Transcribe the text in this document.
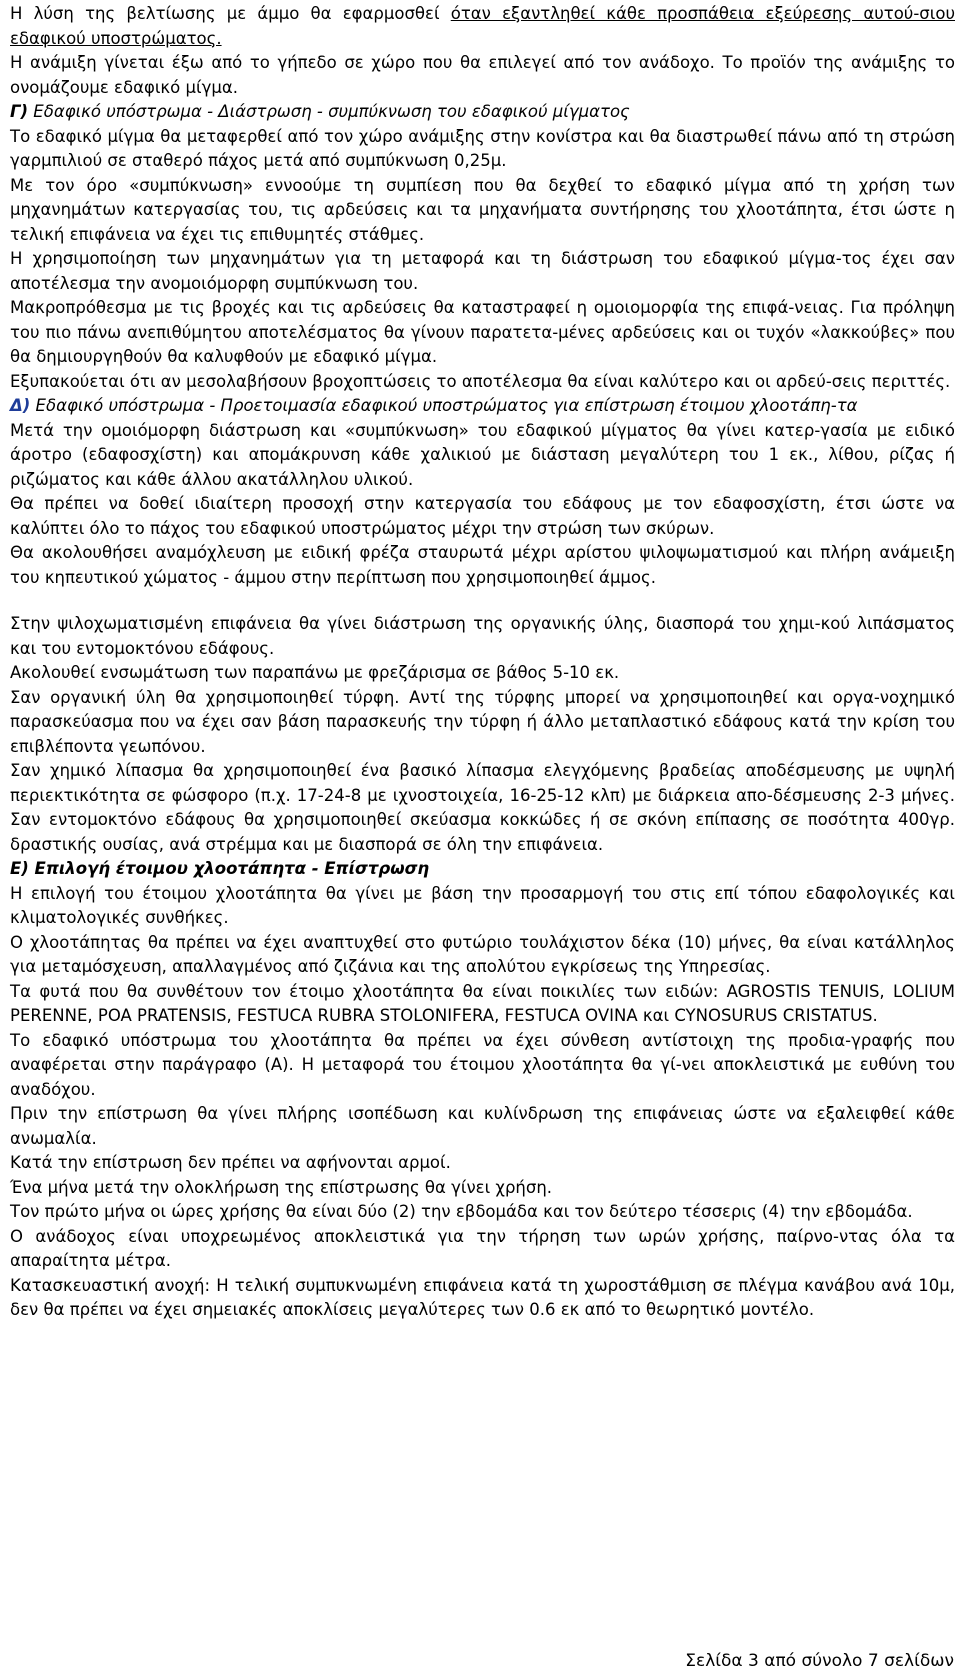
Η λύση της βελτίωσης με άμμο θα εφαρμοσθεί όταν εξαντληθεί κάθε προσπάθεια εξεύρεσης αυτού-σιου εδαφικού υποστρώματος.

Η ανάμιξη γίνεται έξω από το γήπεδο σε χώρο που θα επιλεγεί από τον ανάδοχο. Το προϊόν της ανάμιξης το ονομάζουμε εδαφικό μίγμα.

Γ) Εδαφικό υπόστρωμα - Διάστρωση - συμπύκνωση του εδαφικού μίγματος

Το εδαφικό μίγμα θα μεταφερθεί από τον χώρο ανάμιξης στην κονίστρα και θα διαστρωθεί πάνω από τη στρώση γαρμπιλιού σε σταθερό πάχος μετά από συμπύκνωση 0,25μ.

Με τον όρο «συμπύκνωση» εννοούμε τη συμπίεση που θα δεχθεί το εδαφικό μίγμα από τη χρήση των μηχανημάτων κατεργασίας του, τις αρδεύσεις και τα μηχανήματα συντήρησης του χλοοτάπητα, έτσι ώστε η τελική επιφάνεια να έχει τις επιθυμητές στάθμες.

Η χρησιμοποίηση των μηχανημάτων για τη μεταφορά και τη διάστρωση του εδαφικού μίγμα-τος έχει σαν αποτέλεσμα την ανομοιόμορφη συμπύκνωση του.

Μακροπρόθεσμα με τις βροχές και τις αρδεύσεις θα καταστραφεί η ομοιομορφία της επιφά-νειας. Για πρόληψη του πιο πάνω ανεπιθύμητου αποτελέσματος θα γίνουν παρατετα-μένες αρδεύσεις και οι τυχόν «λακκούβες» που θα δημιουργηθούν θα καλυφθούν με εδαφικό μίγμα.

Εξυπακούεται ότι αν μεσολαβήσουν βροχοπτώσεις το αποτέλεσμα θα είναι καλύτερο και οι αρδεύ-σεις περιττές.

Δ) Εδαφικό υπόστρωμα - Προετοιμασία εδαφικού υποστρώματος για επίστρωση έτοιμου χλοοτάπη-τα

Μετά την ομοιόμορφη διάστρωση και «συμπύκνωση» του εδαφικού μίγματος θα γίνει κατερ-γασία με ειδικό άροτρο (εδαφοσχίστη) και απομάκρυνση κάθε χαλικιού με διάσταση μεγαλύτερη του 1 εκ., λίθου, ρίζας ή ριζώματος και κάθε άλλου ακατάλληλου υλικού.

Θα πρέπει να δοθεί ιδιαίτερη προσοχή στην κατεργασία του εδάφους με τον εδαφοσχίστη, έτσι ώστε να καλύπτει όλο το πάχος του εδαφικού υποστρώματος μέχρι την στρώση των σκύρων.

Θα ακολουθήσει αναμόχλευση με ειδική φρέζα σταυρωτά μέχρι αρίστου ψιλοψωματισμού και πλήρη ανάμειξη του κηπευτικού χώματος - άμμου στην περίπτωση που χρησιμοποιηθεί άμμος.

Στην ψιλοχωματισμένη επιφάνεια θα γίνει διάστρωση της οργανικής ύλης, διασπορά του χημι-κού λιπάσματος και του εντομοκτόνου εδάφους.

Ακολουθεί ενσωμάτωση των παραπάνω με φρεζάρισμα σε βάθος 5-10 εκ.

Σαν οργανική ύλη θα χρησιμοποιηθεί τύρφη. Αντί της τύρφης μπορεί να χρησιμοποιηθεί και οργα-νοχημικό παρασκεύασμα που να έχει σαν βάση παρασκευής την τύρφη ή άλλο μεταπλαστικό εδάφους κατά την κρίση του επιβλέποντα γεωπόνου.

Σαν χημικό λίπασμα θα χρησιμοποιηθεί ένα βασικό λίπασμα ελεγχόμενης βραδείας αποδέσμευσης με υψηλή περιεκτικότητα σε φώσφορο (π.χ. 17-24-8 με ιχνοστοιχεία, 16-25-12 κλπ) με διάρκεια απο-δέσμευσης 2-3 μήνες. Σαν εντομοκτόνο εδάφους θα χρησιμοποιηθεί σκεύασμα κοκκώδες ή σε σκόνη επίπασης σε ποσότητα 400γρ. δραστικής ουσίας, ανά στρέμμα και με διασπορά σε όλη την επιφάνεια.

Ε) Επιλογή έτοιμου χλοοτάπητα - Επίστρωση

Η επιλογή του έτοιμου χλοοτάπητα θα γίνει με βάση την προσαρμογή του στις επί τόπου εδαφολογικές και κλιματολογικές συνθήκες.

Ο χλοοτάπητας θα πρέπει να έχει αναπτυχθεί στο φυτώριο τουλάχιστον δέκα (10) μήνες, θα είναι κατάλληλος για μεταμόσχευση, απαλλαγμένος από ζιζάνια και της απολύτου εγκρίσεως της Υπηρεσίας.

Τα φυτά που θα συνθέτουν τον έτοιμο χλοοτάπητα θα είναι ποικιλίες των ειδών: AGROSTIS TENUIS, LOLIUM PERENNE, POA PRATENSIS, FESTUCA RUBRA STOLONIFERA, FESTUCA OVINA και CYNOSURUS CRISTATUS.

Το εδαφικό υπόστρωμα του χλοοτάπητα θα πρέπει να έχει σύνθεση αντίστοιχη της προδια-γραφής που αναφέρεται στην παράγραφο (Α). Η μεταφορά του έτοιμου χλοοτάπητα θα γί-νει αποκλειστικά με ευθύνη του αναδόχου.

Πριν την επίστρωση θα γίνει πλήρης ισοπέδωση και κυλίνδρωση της επιφάνειας ώστε να εξαλειφθεί κάθε ανωμαλία.

Κατά την επίστρωση δεν πρέπει να αφήνονται αρμοί.

Ένα μήνα μετά την ολοκλήρωση της επίστρωσης θα γίνει χρήση.

Τον πρώτο μήνα οι ώρες χρήσης θα είναι δύο (2) την εβδομάδα και τον δεύτερο τέσσερις (4) την εβδομάδα.

Ο ανάδοχος είναι υποχρεωμένος αποκλειστικά για την τήρηση των ωρών χρήσης, παίρνο-ντας όλα τα απαραίτητα μέτρα.

Κατασκευαστική ανοχή: Η τελική συμπυκνωμένη επιφάνεια κατά τη χωροστάθμιση σε πλέγμα κανάβου ανά 10μ, δεν θα πρέπει να έχει σημειακές αποκλίσεις μεγαλύτερες των 0.6 εκ από το θεωρητικό μοντέλο.

Σελίδα 3 από σύνολο 7 σελίδων
